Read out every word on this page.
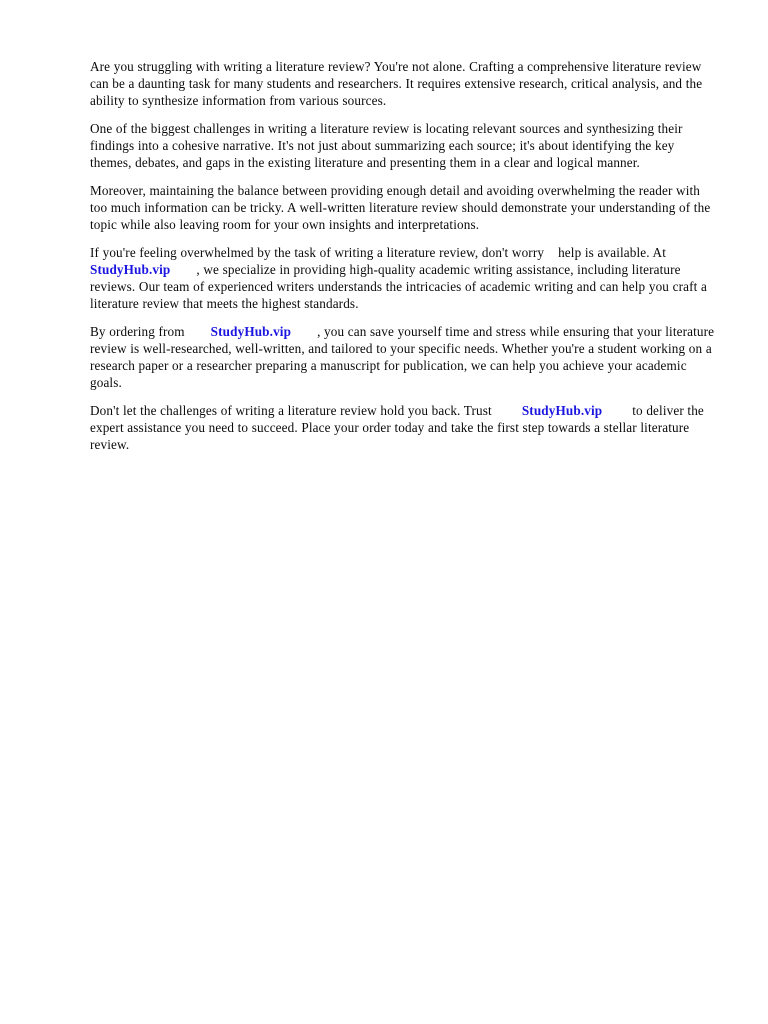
Are you struggling with writing a literature review? You're not alone. Crafting a comprehensive literature review can be a daunting task for many students and researchers. It requires extensive research, critical analysis, and the ability to synthesize information from various sources.

One of the biggest challenges in writing a literature review is locating relevant sources and synthesizing their findings into a cohesive narrative. It's not just about summarizing each source; it's about identifying the key themes, debates, and gaps in the existing literature and presenting them in a clear and logical manner.

Moreover, maintaining the balance between providing enough detail and avoiding overwhelming the reader with too much information can be tricky. A well-written literature review should demonstrate your understanding of the topic while also leaving room for your own insights and interpretations.

If you're feeling overwhelmed by the task of writing a literature review, don't worry help is available. AtStudyHub.vip , we specialize in providing high-quality academic writing assistance, including literature reviews. Our team of experienced writers understands the intricacies of academic writing and can help you craft a literature review that meets the highest standards.

By ordering from StudyHub.vip , you can save yourself time and stress while ensuring that your literature review is well-researched, well-written, and tailored to your specific needs. Whether you're a student working on a research paper or a researcher preparing a manuscript for publication, we can help you achieve your academic goals.

Don't let the challenges of writing a literature review hold you back. Trust StudyHub.vip to deliver the expert assistance you need to succeed. Place your order today and take the first step towards a stellar literature review.
